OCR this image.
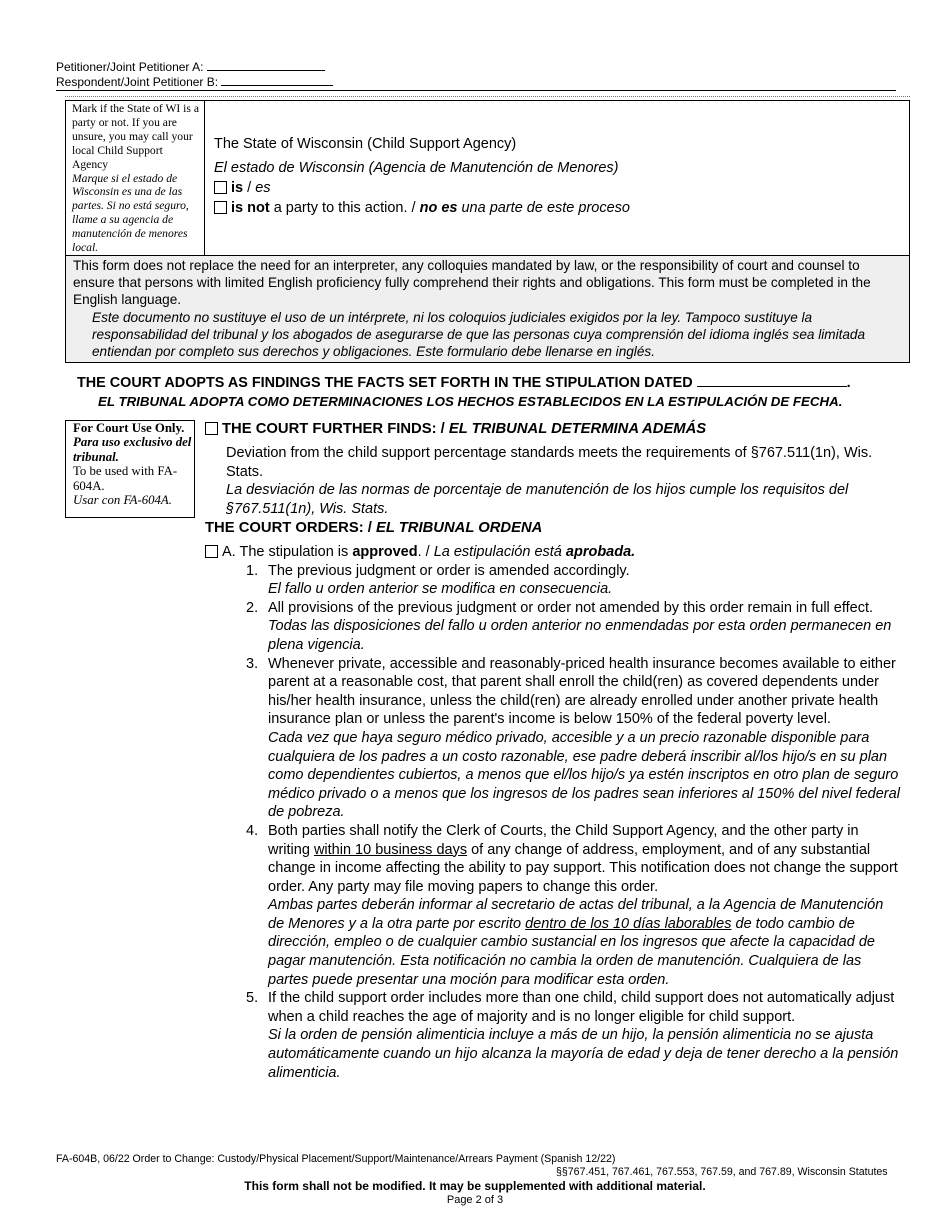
Petitioner/Joint Petitioner A:
Respondent/Joint Petitioner B:
Mark if the State of WI is a party or not. If you are unsure, you may call your local Child Support Agency
Marque si el estado de Wisconsin es una de las partes. Si no está seguro, llame a su agencia de manutención de menores local.
The State of Wisconsin (Child Support Agency)
El estado de Wisconsin (Agencia de Manutención de Menores)
is / es
is not a party to this action. / no es una parte de este proceso

This form does not replace the need for an interpreter, any colloquies mandated by law, or the responsibility of court and counsel to ensure that persons with limited English proficiency fully comprehend their rights and obligations. This form must be completed in the English language.

Este documento no sustituye el uso de un intérprete, ni los coloquios judiciales exigidos por la ley. Tampoco sustituye la responsabilidad del tribunal y los abogados de asegurarse de que las personas cuya comprensión del idioma inglés sea limitada entiendan por completo sus derechos y obligaciones. Este formulario debe llenarse en inglés.

THE COURT ADOPTS AS FINDINGS THE FACTS SET FORTH IN THE STIPULATION DATED	.
EL TRIBUNAL ADOPTA COMO DETERMINACIONES LOS HECHOS ESTABLECIDOS EN LA ESTIPULACIÓN DE FECHA.
For Court Use Only.
Para uso exclusivo del tribunal.
To be used with FA-604A.
Usar con FA-604A.
THE COURT FURTHER FINDS: / EL TRIBUNAL DETERMINA ADEMÁS

Deviation from the child support percentage standards meets the requirements of §767.511(1n), Wis. Stats.

La desviación de las normas de porcentaje de manutención de los hijos cumple los requisitos del §767.511(1n), Wis. Stats.

THE COURT ORDERS: / EL TRIBUNAL ORDENA
A. The stipulation is approved. / La estipulación está aprobada.
1. The previous judgment or order is amended accordingly.

El fallo u orden anterior se modifica en consecuencia.

2. All provisions of the previous judgment or order not amended by this order remain in full effect.

Todas las disposiciones del fallo u orden anterior no enmendadas por esta orden permanecen en plena vigencia.

3. Whenever private, accessible and reasonably-priced health insurance becomes available to either parent at a reasonable cost, that parent shall enroll the child(ren) as covered dependents under his/her health insurance, unless the child(ren) are already enrolled under another private health insurance plan or unless the parent's income is below 150% of the federal poverty level.

Cada vez que haya seguro médico privado, accesible y a un precio razonable disponible para cualquiera de los padres a un costo razonable, ese padre deberá inscribir al/los hijo/s en su plan como dependientes cubiertos, a menos que el/los hijo/s ya estén inscriptos en otro plan de seguro médico privado o a menos que los ingresos de los padres sean inferiores al 150% del nivel federal de pobreza.

4. Both parties shall notify the Clerk of Courts, the Child Support Agency, and the other party in writing within 10 business days of any change of address, employment, and of any substantial change in income affecting the ability to pay support. This notification does not change the support order. Any party may file moving papers to change this order.

Ambas partes deberán informar al secretario de actas del tribunal, a la Agencia de Manutención de Menores y a la otra parte por escrito dentro de los 10 días laborables de todo cambio de dirección, empleo o de cualquier cambio sustancial en los ingresos que afecte la capacidad de pagar manutención. Esta notificación no cambia la orden de manutención. Cualquiera de las partes puede presentar una moción para modificar esta orden.

5. If the child support order includes more than one child, child support does not automatically adjust when a child reaches the age of majority and is no longer eligible for child support.

Si la orden de pensión alimenticia incluye a más de un hijo, la pensión alimenticia no se ajusta automáticamente cuando un hijo alcanza la mayoría de edad y deja de tener derecho a la pensión alimenticia.

FA-604B, 06/22 Order to Change: Custody/Physical Placement/Support/Maintenance/Arrears Payment (Spanish 12/22)
§§767.451, 767.461, 767.553, 767.59, and 767.89, Wisconsin Statutes
This form shall not be modified. It may be supplemented with additional material.
Page 2 of 3
